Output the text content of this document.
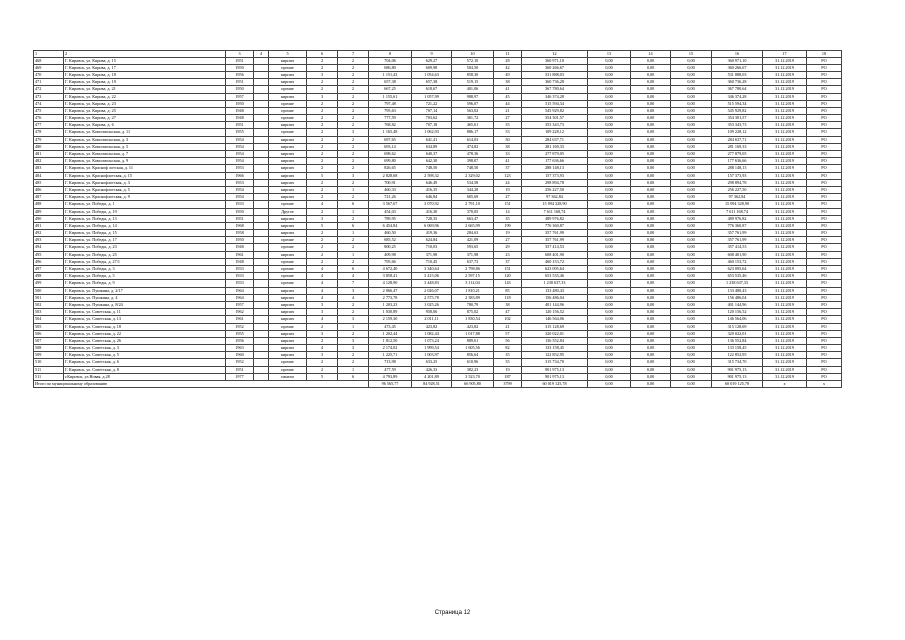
1	2	3	4	5	6	7	8	9	10	11	12	13	14	15	16	17	18
468	Г. Кировск, ул. Кирова, д. 15	1951		кирпич	2	2	704,06	629,27	572,10	28	360 971,10	0,00	0,00	0,00	360 971,10	31.12.2019	РО
469	Г. Кировск, ул. Кирова, д. 17	1950		прочие	2	2	686,80	609,98	504,50	42	360 266,67	0,00	0,00	0,00	360 266,67	31.12.2019	РО
470	Г. Кировск, ул. Кирова, д. 18	1956		кирпич	3	2	1 151,43	1 054,63	858,30	49	531 888,03	0,00	0,00	0,00	531 888,03	31.12.2019	РО
471	Г. Кировск, ул. Кирова, д. 19	1951		кирпич	2	2	657,38	657,38	519,15	38	360 736,28	0,00	0,00	0,00	360 736,28	31.12.2019	РО
472	Г. Кировск, ул. Кирова, д. 21	1950		прочие	2	2	667,25	618,67	401,06	41	367 780,64	0,00	0,00	0,00	367 780,64	31.12.2019	РО
473	Г. Кировск, ул. Кирова, д. 22	1957		кирпич	3	2	1 155,61	1 057,99	988,97	45	346 374,28	0,00	0,00	0,00	346 374,28	31.12.2019	РО
474	Г. Кировск, ул. Кирова, д. 23	1950		прочие	2	2	797,48	721,22	596,07	44	515 594,34	0,00	0,00	0,00	515 594,34	31.12.2019	РО
475	Г. Кировск, ул. Кирова, д. 25	1948		прочие	2	2	795,63	707,14	563,02	21	545 929,82	0,00	0,00	0,00	545 929,82	31.12.2019	РО
476	Г. Кировск, ул. Кирова, д. 27	1948		прочие	2	2	777,59	703,62	361,72	27	354 301,57	0,00	0,00	0,00	354 301,57	31.12.2019	РО
477	Г. Кировск, ул. Кирова, д. 6	1951		кирпич	2	2	768,82	707,18	465,61	35	353 343,73	0,00	0,00	0,00	353 343,73	31.12.2019	РО
478	Г. Кировск, ул. Комсомольская, д. 11	1955		прочие	2	3	1 165,48	1 062,93	886,17	53	109 228,12	0,00	0,00	0,00	109 228,12	31.12.2019	РО
479	Г. Кировск, ул. Комсомольская, д. 3	1954		кирпич	2	2	697,65	641,41	614,03	30	284 637,71	0,00	0,00	0,00	284 637,71	31.12.2019	РО
480	Г. Кировск, ул. Комсомольская, д. 5	1954		кирпич	2	2	693,14	634,89	474,82	38	281 169,33	0,00	0,00	0,00	281 169,33	31.12.2019	РО
481	Г. Кировск, ул. Комсомольская, д. 7	1954		кирпич	2	2	698,62	640,37	478,36	33	277 879,05	0,00	0,00	0,00	277 879,05	31.12.2019	РО
482	Г. Кировск, ул. Комсомольская, д. 9	1954		кирпич	2	2	699,80	642,30	398,07	41	177 636,66	0,00	0,00	0,00	177 636,66	31.12.2019	РО
483	Г. Кировск, ул. Красноф лотская, д. 11	1953		кирпич	2	2	826,65	748,50	748,50	37	288 148,13	0,00	0,00	0,00	288 148,13	31.12.2019	РО
484	Г. Кировск, ул. Краснофлотская, д. 15	1966		кирпич	5	3	2 828,68	2 598,32	2 329,02	123	157 373,93	0,00	0,00	0,00	157 373,93	31.12.2019	РО
485	Г. Кировск, ул. Краснофлотская, д. 3	1953		кирпич	2	2	700,91	646,49	534,58	24	298 894,78	0,00	0,00	0,00	298 894,78	31.12.2019	РО
486	Г. Кировск, ул. Краснофлотская, д. 5	1954		кирпич	2	1	460,33	416,35	344,28	19	256 227,50	0,00	0,00	0,00	256 227,50	31.12.2019	РО
487	Г. Кировск, ул. Краснофлотская, д. 9	1954		кирпич	2	2	721,26	646,84	605,69	27	97 362,84	0,00	0,00	0,00	97 362,84	31.12.2019	РО
488	Г. Кировск, ул. Победы, д. 1	1933		прочие	4	6	3 567,67	3 070,92	2 791,10	151	15 094 328,90	0,00	0,00	0,00	15 094 328,90	31.12.2019	РО
489	Г. Кировск, ул. Победы, д. 19	1950		Другое	2	1	454,03	416,30	370,05	14	7 611 168,74	0,00	0,00	0,00	7 611 168,74	31.12.2019	РО
490	Г. Кировск, ул. Победы, д. 13	1951		кирпич	3	2	789,95	728,35	663,47	35	489 976,82	0,00	0,00	0,00	489 976,82	31.12.2019	РО
491	Г. Кировск, ул. Победы, д. 14	1968		кирпич	5	6	6 454,84	6 069,96	2 665,99	199	776 360,87	0,00	0,00	0,00	776 360,87	31.12.2019	РО
492	Г. Кировск, ул. Победы, д. 15	1958		кирпич	2	1	460,50	419,36	284,63	19	357 761,99	0,00	0,00	0,00	357 761,99	31.12.2019	РО
493	Г. Кировск, ул. Победы, д. 17	1950		прочие	2	2	685,52	624,84	421,09	27	357 761,99	0,00	0,00	0,00	357 761,99	31.12.2019	РО
494	Г. Кировск, ул. Победы, д. 23	1948		прочие	2	2	800,25	710,03	593,65	29	357 414,53	0,00	0,00	0,00	357 414,53	31.12.2019	РО
495	Г. Кировск, ул. Победы, д. 25	1961		кирпич	2	1	409,98	371,98	371,98	23	608 401,90	0,00	0,00	0,00	608 401,90	31.12.2019	РО
496	Г. Кировск, ул. Победы, д. 27/1	1948		прочие	2	2	795,66	710,45	637,73	37	460 153,72	0,00	0,00	0,00	460 153,72	31.12.2019	РО
497	Г. Кировск, ул. Победы, д. 3	1933		прочие	4	6	4 672,40	3 340,64	2 798,86	151	623 095,64	0,00	0,00	0,00	623 095,64	31.12.2019	РО
498	Г. Кировск, ул. Победы, д. 5	1933		прочие	4	4	3 858,41	3 415,06	2 597,15	120	653 535,46	0,00	0,00	0,00	653 535,46	31.12.2019	РО
499	Г. Кировск, ул. Победы, д. 9	1933		прочие	4	7	4 128,90	3 448,83	3 112,04	143	1 238 637,33	0,00	0,00	0,00	1 238 637,33	31.12.2019	РО
500	Г. Кировск, ул. Пушкина, д. 2/17	1964		кирпич	4	3	2 066,47	2 026,07	1 810,21	85	133 480,43	0,00	0,00	0,00	133 480,43	31.12.2019	РО
501	Г. Кировск, ул. Пушкина, д. 4	1964		кирпич	4	4	2 773,78	2 575,78	2 383,89	118	156 486,04	0,00	0,00	0,00	156 486,04	31.12.2019	РО
502	Г. Кировск, ул. Пушкина, д. 8/24	1957		кирпич	3	2	1 203,23	1 025,26	780,79	38	401 144,96	0,00	0,00	0,00	401 144,96	31.12.2019	РО
503	Г. Кировск, ул. Советская, д. 11	1962		кирпич	3	2	1 030,89	958,06	875,02	47	120 156,52	0,00	0,00	0,00	120 156,52	31.12.2019	РО
504	Г. Кировск, ул. Советская, д. 13	1961		кирпич	4	3	2 159,30	2 011,11	1 830,54	102	146 564,06	0,00	0,00	0,00	146 564,06	31.12.2019	РО
505	Г. Кировск, ул. Советская, д. 18	1952		прочие	2	1	473,45	423,82	423,82	21	315 128,69	0,00	0,00	0,00	315 128,69	31.12.2019	РО
506	Г. Кировск, ул. Советская, д. 22	1955		кирпич	3	2	1 202,44	1 082,44	1 017,88	57	320 022,01	0,00	0,00	0,00	320 022,01	31.12.2019	РО
507	Г. Кировск, ул. Советская, д. 26	1956		кирпич	2	3	1 812,50	1 073,24	889,61	56	136 552,84	0,00	0,00	0,00	136 552,84	31.12.2019	РО
508	Г. Кировск, ул. Советская, д. 3	1963		кирпич	4	3	2 174,02	1 999,54	1 605,56	82	133 158,45	0,00	0,00	0,00	133 158,45	31.12.2019	РО
509	Г. Кировск, ул. Советская, д. 5	1960		кирпич	3	2	1 225,71	1 003,97	856,64	35	122 852,95	0,00	0,00	0,00	122 852,95	31.12.2019	РО
510	Г. Кировск, ул. Советская, д. 6	1952		прочие	2	2	713,98	633,25	610,96	35	315 734,70	0,00	0,00	0,00	315 734,70	31.12.2019	РО
511	Г. Кировск, ул. Советская, д. 8	1951		прочие	2	1	477,59	426,33	382,23	19	901 975,13	0,00	0,00	0,00	901 975,13	31.12.2019	РО
511	г.Кировск, ул.Новая, д.28	1977		панели	5	6	4 793,89	4 201,89	3 523,70	187	901 975,13	0,00	0,00	0,00	901 975,13	31.12.2019	РО
Итого по муниципальному образованию							96 565,77	84 928,51	66 905,80	3799	60 019 125,78	0,00	0,00	0,00	60 019 125,78	x	x
Страница 12
